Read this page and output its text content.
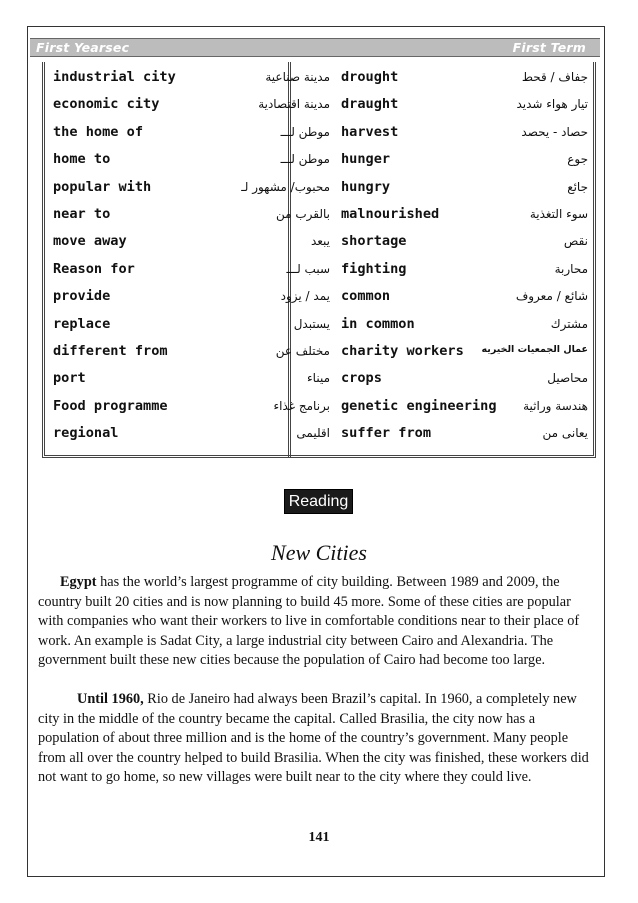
First Yearsec	First Term
industrial city	مدينة صناعية
economic city	مدينة اقتصادية
the home of	موطن لـــ
home to	موطن لـــ
popular with	محبوب/ مشهور لـ
near to	بالقرب من
move away	يبعد
Reason for	سبب لـــ
provide	يمد / يزود
replace	يستبدل
different from	مختلف عن
port	ميناء
Food programme	برنامج غذاء
regional	اقليمى
drought	جفاف / قحط
draught	تيار هواء شديد
harvest	حصاد - يحصد
hunger	جوع
hungry	جائع
malnourished	سوء التغذية
shortage	نقص
fighting	محاربة
common	شائع / معروف
in common	مشترك
charity workers	عمال الجمعيات الخيريه
crops	محاصيل
genetic engineering	هندسة وراثية
suffer from	يعانى من
Reading
New Cities
Egypt has the world’s largest programme of city building. Between 1989 and 2009, the country built 20 cities and is now planning to build 45 more. Some of these cities are popular with companies who want their workers to live in comfortable conditions near to their place of work. An example is Sadat City, a large industrial city between Cairo and Alexandria. The government built these new cities because the population of Cairo had become too large.
Until 1960, Rio de Janeiro had always been Brazil’s capital. In 1960, a completely new city in the middle of the country became the capital. Called Brasilia, the city now has a population of about three million and is the home of the country’s government. Many people from all over the country helped to build Brasilia. When the city was finished, these workers did not want to go home, so new villages were built near to the city where they could live.
141
